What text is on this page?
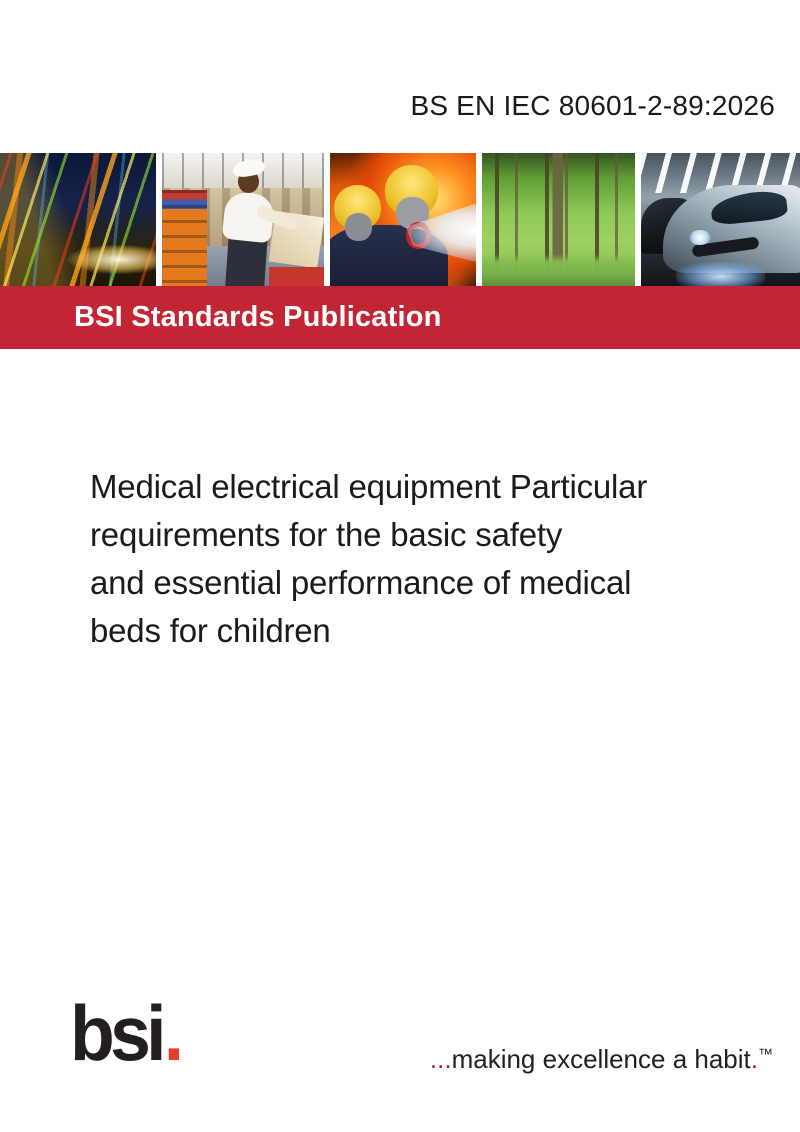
BS EN IEC 80601-2-89:2026
BSI Standards Publication
Medical electrical equipment Particular
requirements for the basic safety
and essential performance of medical
beds for children
bsi.	...making excellence a habit.™
